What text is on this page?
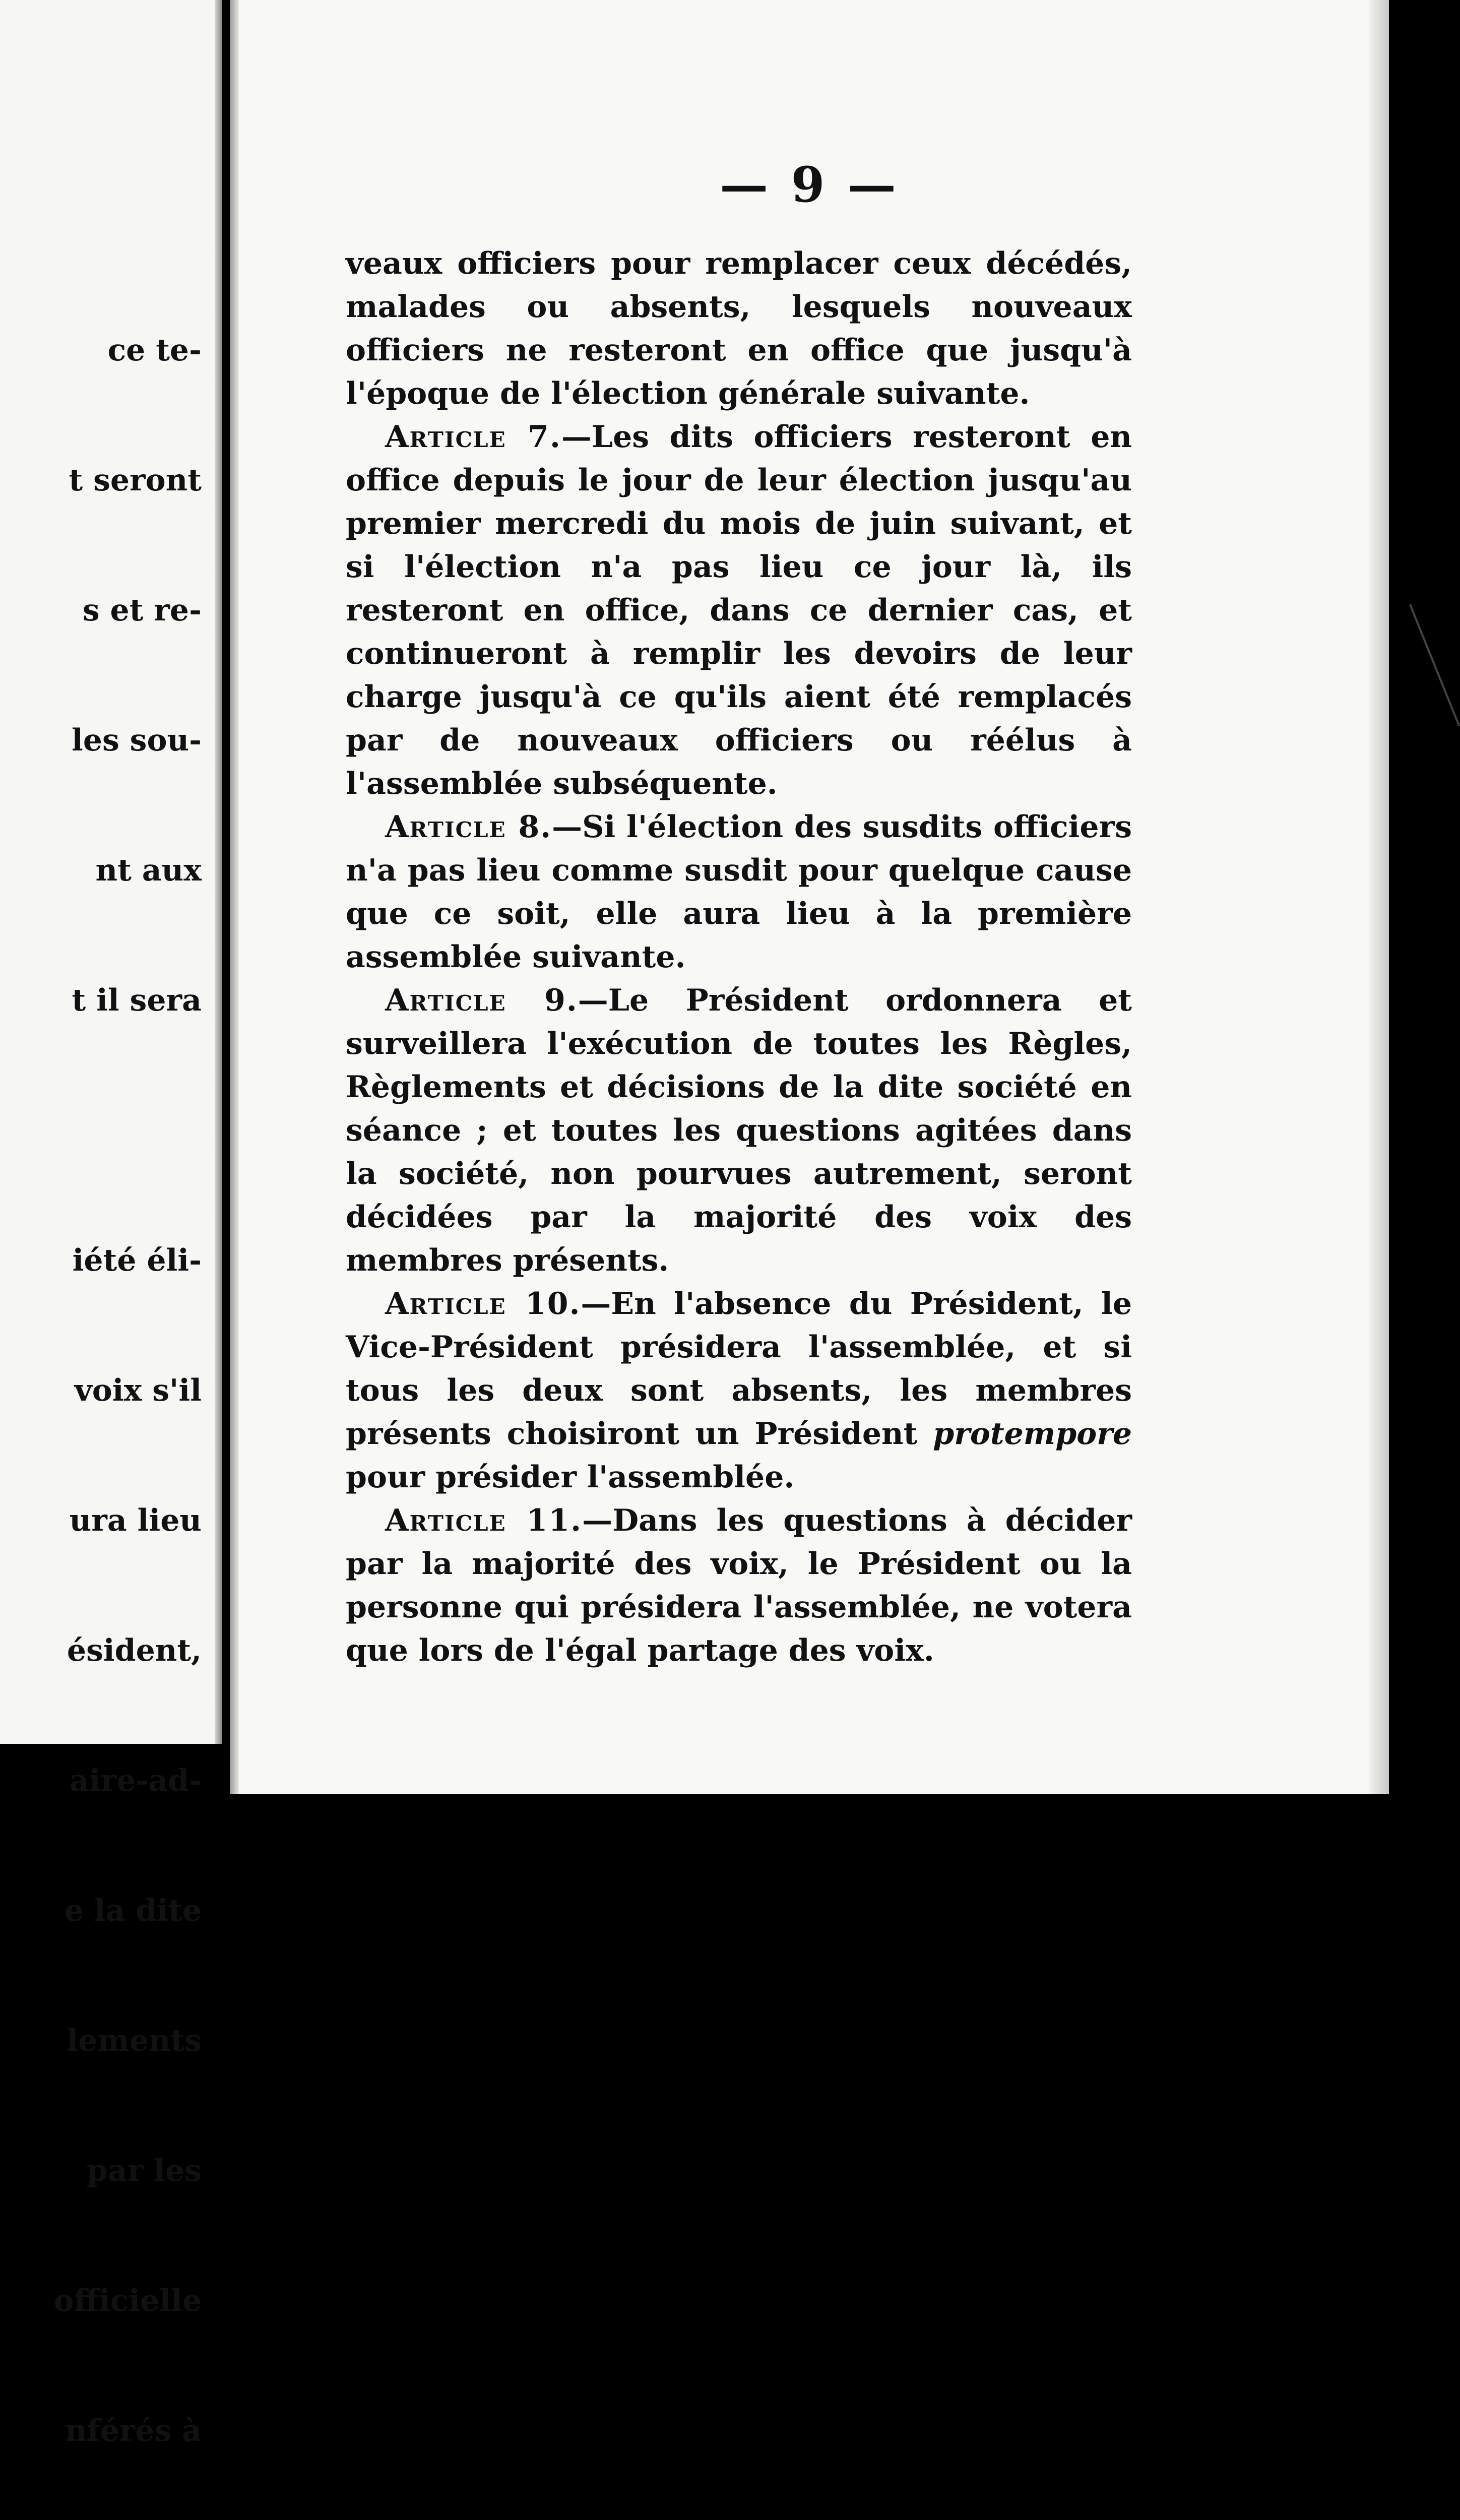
ce te-

t seront

s et re-

les sou-

nt aux

t il sera

iété éli-

voix s'il

ura lieu

ésident,

aire-ad-

e la dite

lements

par les

officielle

nférés à

— 9 —

veaux officiers pour remplacer ceux décédés, malades ou absents, lesquels nouveaux officiers ne resteront en office que jusqu'à l'époque de l'élection générale suivante.

Article 7.—Les dits officiers resteront en office depuis le jour de leur élection jusqu'au premier mercredi du mois de juin suivant, et si l'élection n'a pas lieu ce jour là, ils resteront en office, dans ce dernier cas, et continueront à remplir les devoirs de leur charge jusqu'à ce qu'ils aient été remplacés par de nouveaux officiers ou réélus à l'assemblée subséquente.

Article 8.—Si l'élection des susdits officiers n'a pas lieu comme susdit pour quelque cause que ce soit, elle aura lieu à la première assemblée suivante.

Article 9.—Le Président ordonnera et surveillera l'exécution de toutes les Règles, Règlements et décisions de la dite société en séance ; et toutes les questions agitées dans la société, non pourvues autrement, seront décidées par la majorité des voix des membres présents.

Article 10.—En l'absence du Président, le Vice-Président présidera l'assemblée, et si tous les deux sont absents, les membres présents choisiront un Président protempore pour présider l'assemblée.

Article 11.—Dans les questions à décider par la majorité des voix, le Président ou la personne qui présidera l'assemblée, ne votera que lors de l'égal partage des voix.
